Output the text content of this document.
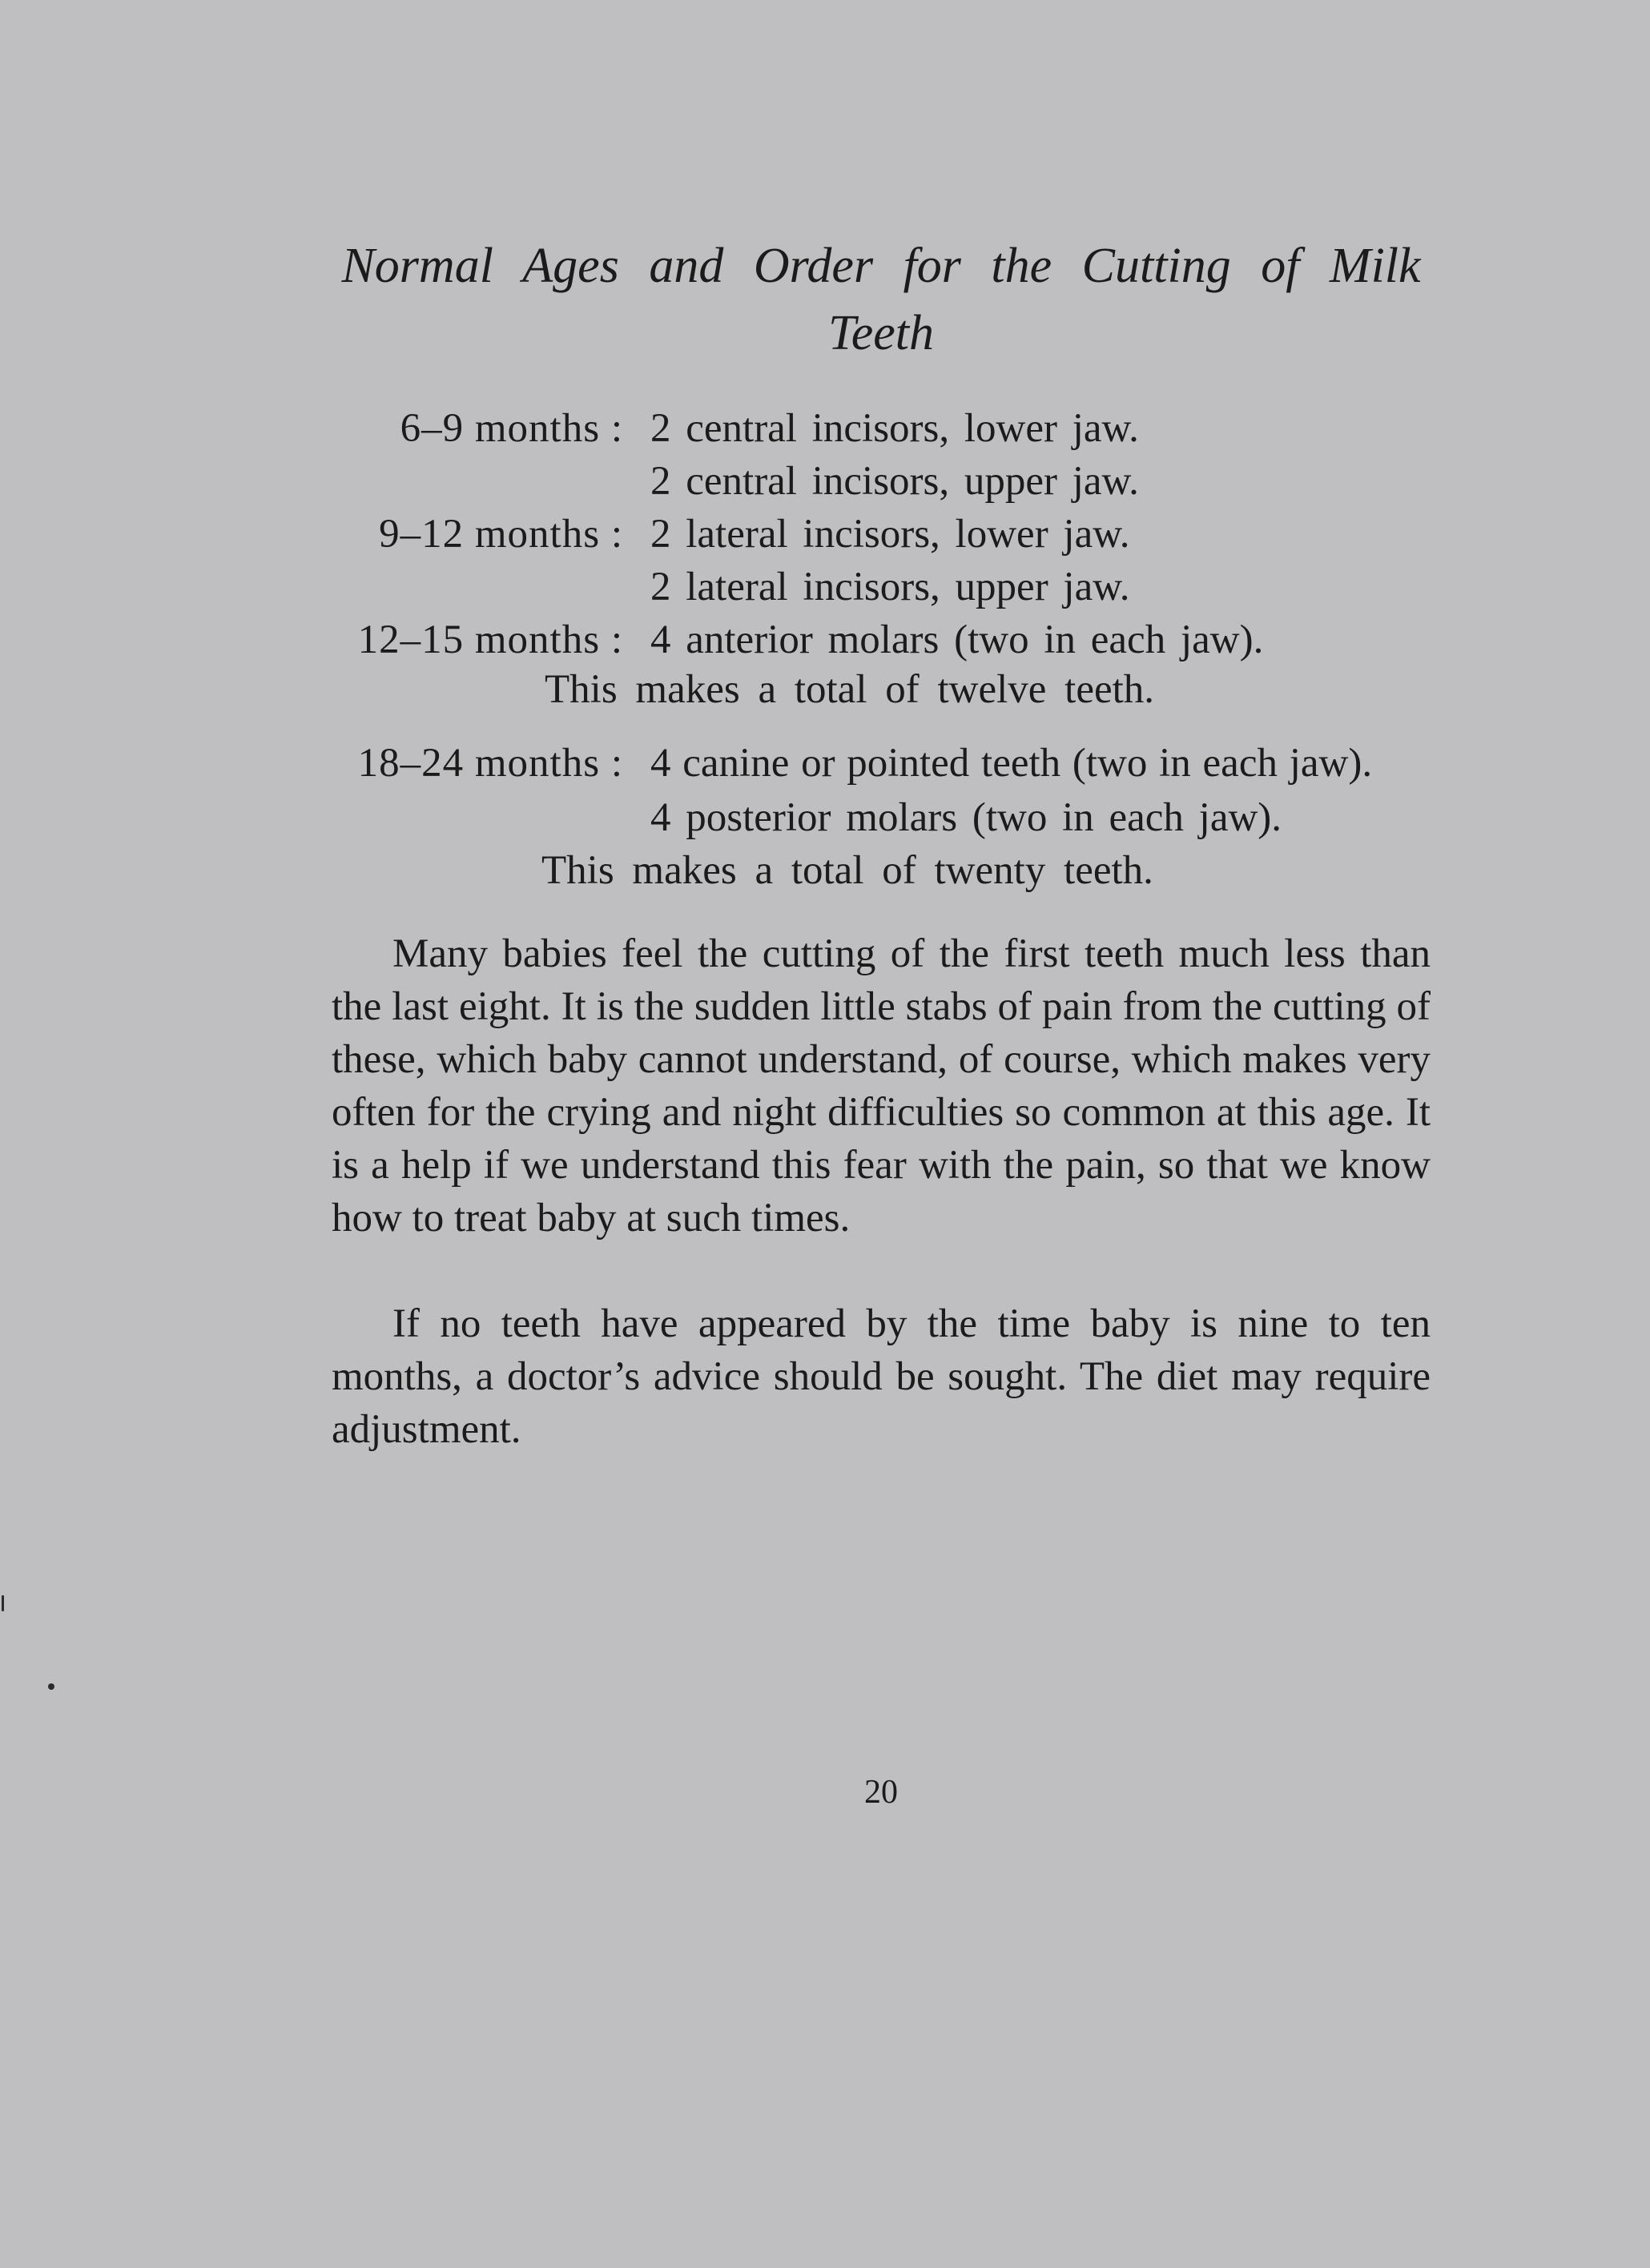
Normal Ages and Order for the Cutting of Milk
Teeth
6–9 months : 2 central incisors, lower jaw.
2 central incisors, upper jaw.
9–12 months : 2 lateral incisors, lower jaw.
2 lateral incisors, upper jaw.
12–15 months : 4 anterior molars (two in each jaw).
This makes a total of twelve teeth.
18–24 months : 4 canine or pointed teeth (two in each jaw).
4 posterior molars (two in each jaw).
This makes a total of twenty teeth.

Many babies feel the cutting of the first teeth much less than the last eight. It is the sudden little stabs of pain from the cutting of these, which baby cannot understand, of course, which makes very often for the crying and night difficulties so common at this age. It is a help if we understand this fear with the pain, so that we know how to treat baby at such times.

If no teeth have appeared by the time baby is nine to ten months, a doctor’s advice should be sought. The diet may require adjustment.

20
